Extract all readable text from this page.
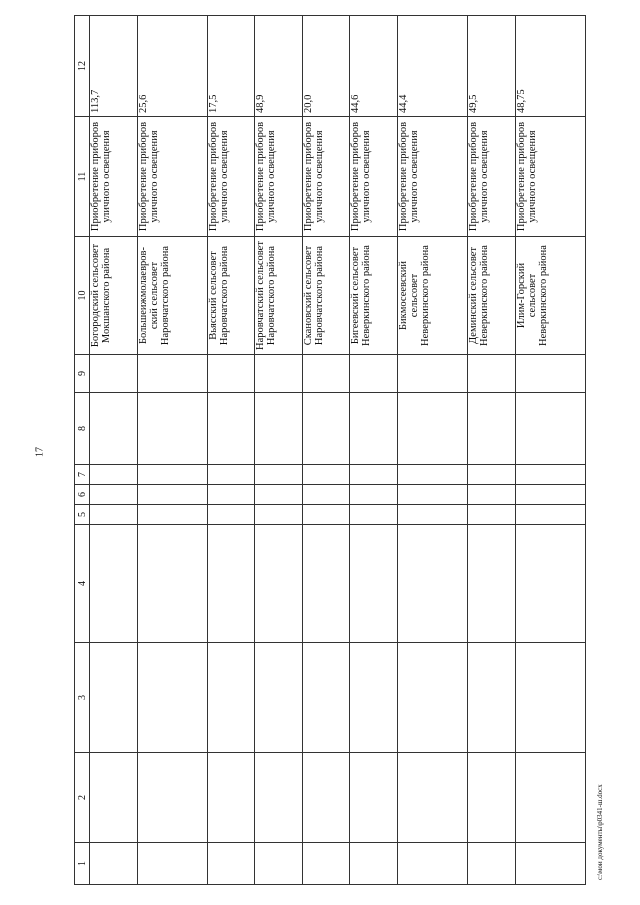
17
1	2	3	4	5	6	7	8	9	10	11	12
									Богородский сельсовет Мокшанского района	Приобретение приборов уличного освещения	113,7
									Большеижмолаевров-ский сельсовет Наровчатского района	Приобретение приборов уличного освещения	25,6
									Вьясский сельсовет Наровчатского района	Приобретение приборов уличного освещения	17,5
									Наровчатский сельсовет Наровчатского района	Приобретение приборов уличного освещения	48,9
									Скановский сельсовет Наровчатского района	Приобретение приборов уличного освещения	20,0
									Бигеевский сельсовет Неверкинского района	Приобретение приборов уличного освещения	44,6
									Бикмосеевский сельсовет Неверкинского района	Приобретение приборов уличного освещения	44,4
									Деминский сельсовет Неверкинского района	Приобретение приборов уличного освещения	49,5
									Илим-Горский сельсовет Неверкинского района	Приобретение приборов уличного освещения	48,75
c:\мои документы\р0341-ш.docx
